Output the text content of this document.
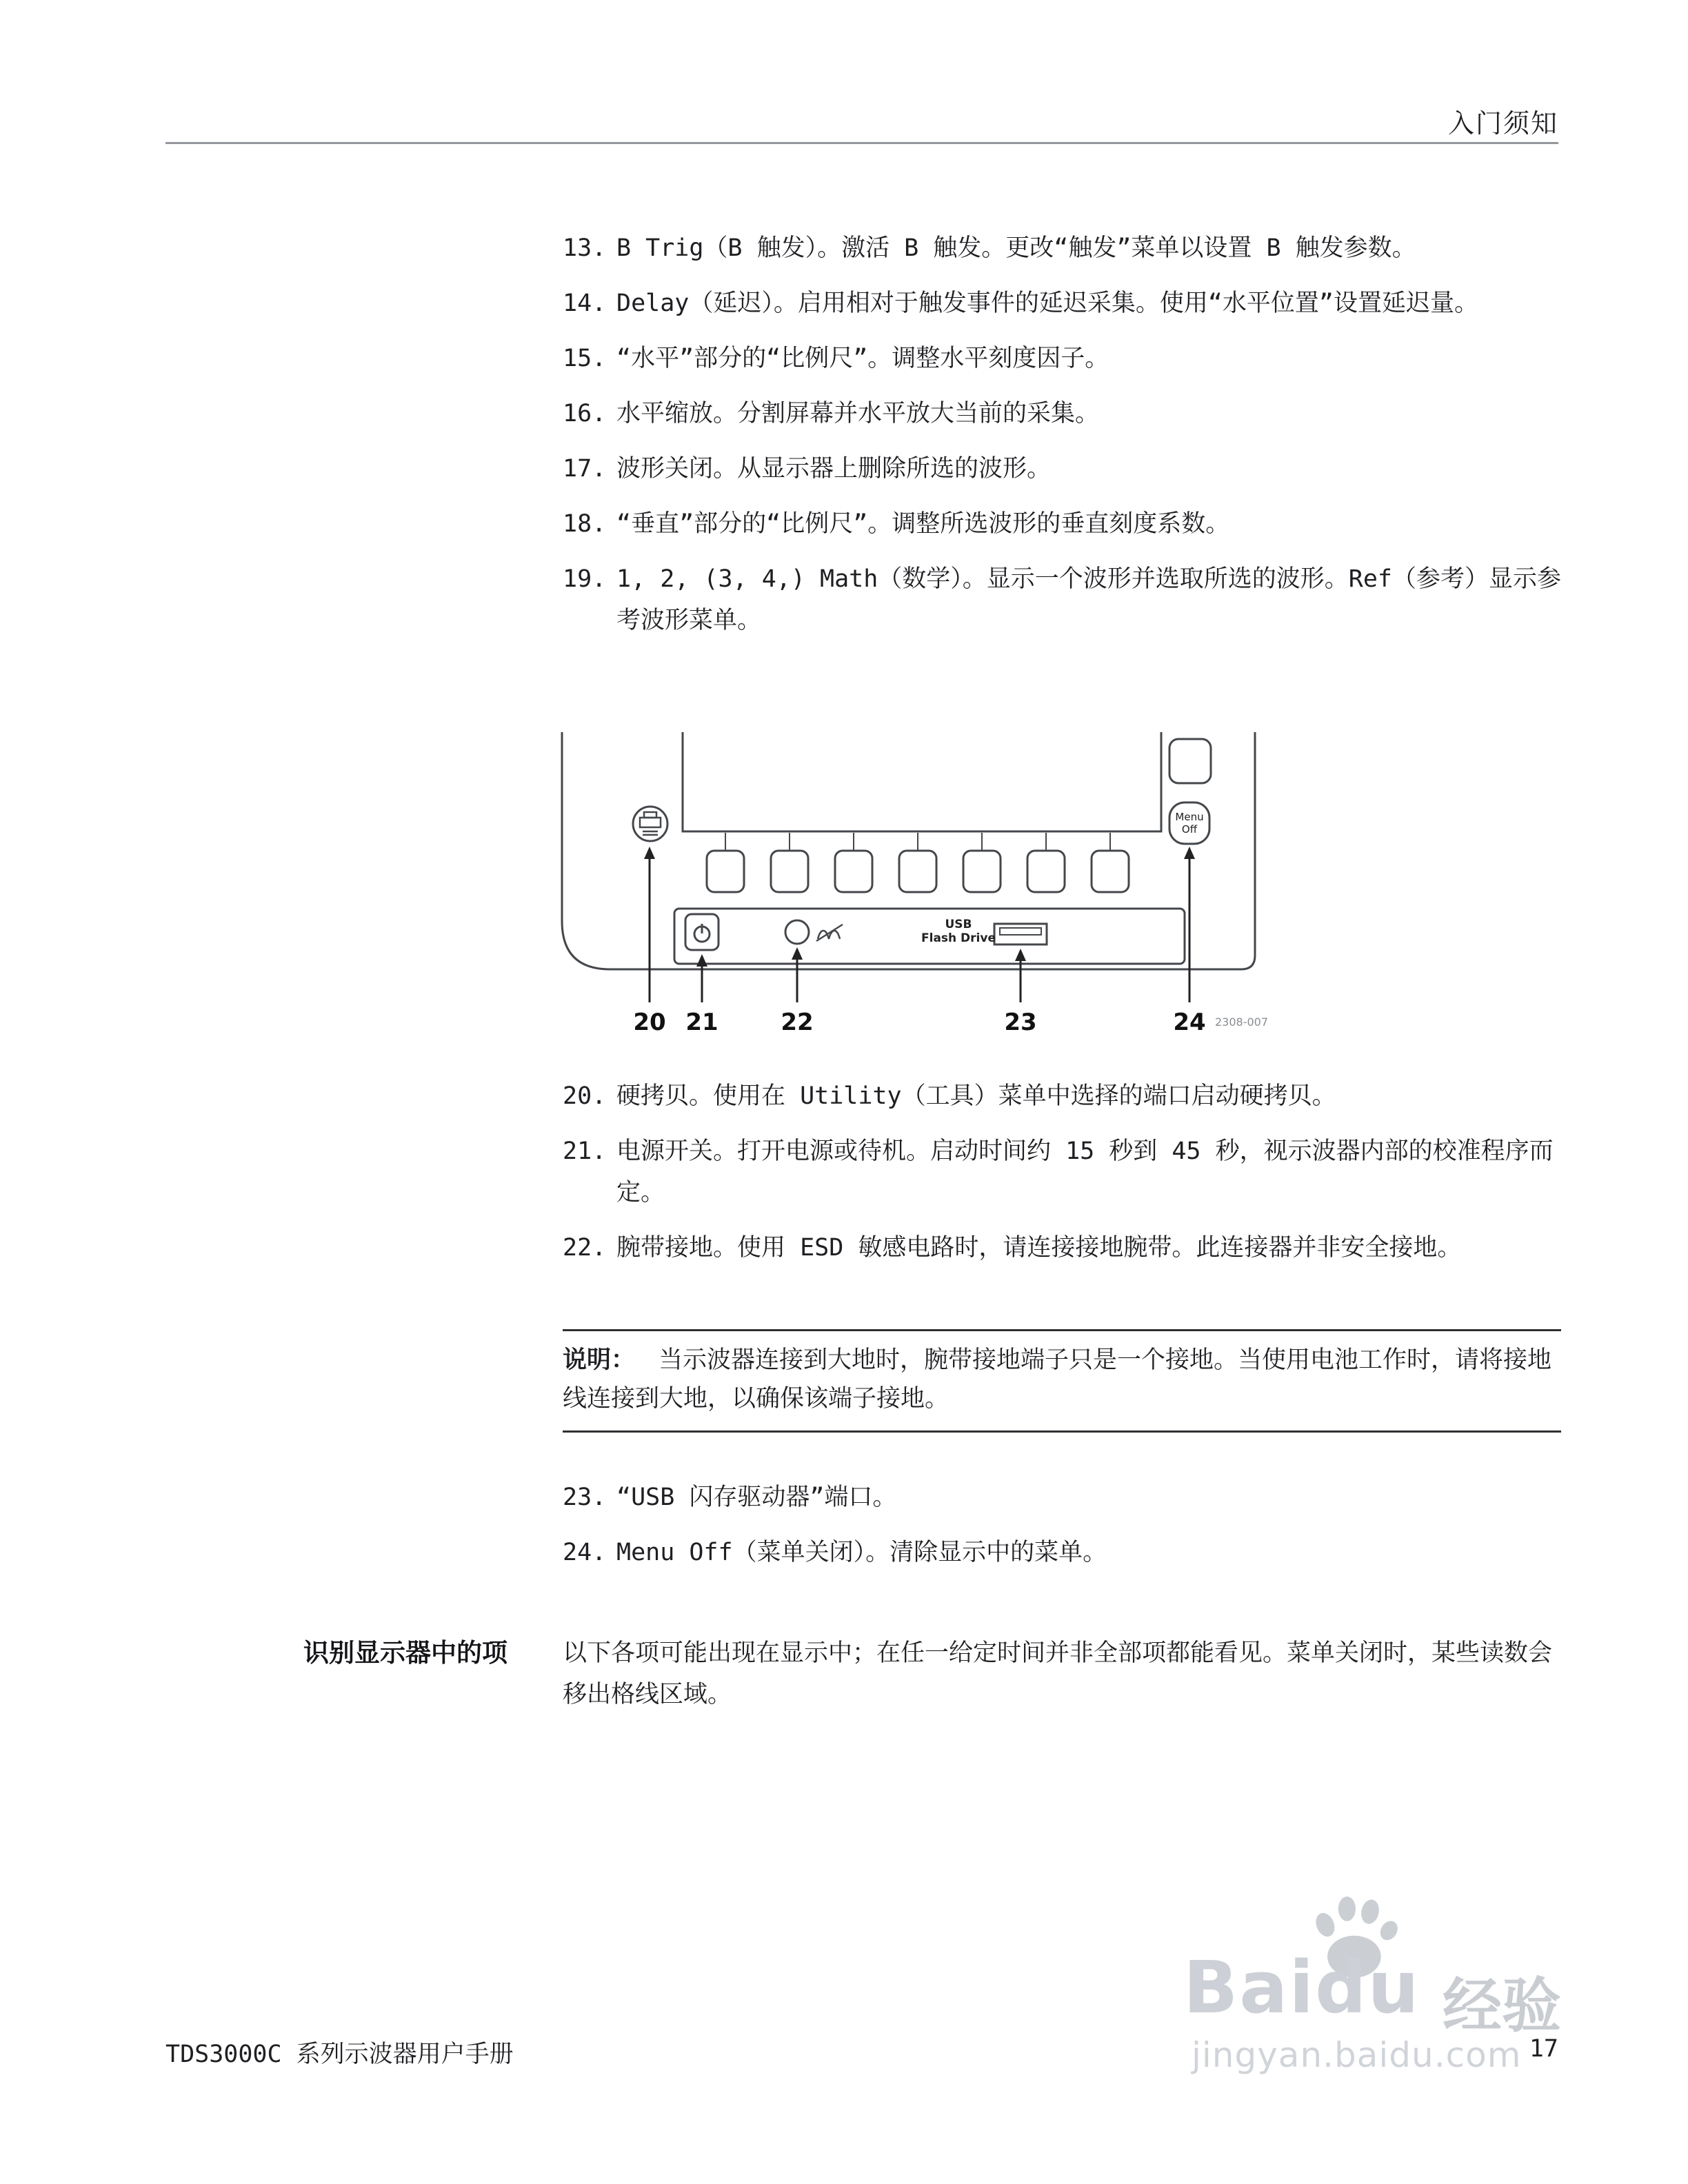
入门须知
13. B Trig（B 触发）。激活 B 触发。更改“触发”菜单以设置 B 触发参数。
14. Delay（延迟）。启用相对于触发事件的延迟采集。使用“水平位置”设置延迟量。
15. “水平”部分的“比例尺”。调整水平刻度因子。
16. 水平缩放。分割屏幕并水平放大当前的采集。
17. 波形关闭。从显示器上删除所选的波形。
18. “垂直”部分的“比例尺”。调整所选波形的垂直刻度系数。
19. 1, 2, (3, 4,) Math（数学）。显示一个波形并选取所选的波形。Ref（参考）显示参考波形菜单。
USB
Flash Drive
Menu
Off
20 21	22	23	24 2308-007
20. 硬拷贝。使用在 Utility（工具）菜单中选择的端口启动硬拷贝。
21. 电源开关。打开电源或待机。启动时间约 15 秒到 45 秒，视示波器内部的校准程序而定。
22. 腕带接地。使用 ESD 敏感电路时，请连接接地腕带。此连接器并非安全接地。
说明： 当示波器连接到大地时，腕带接地端子只是一个接地。当使用电池工作时，请将接地线连接到大地，以确保该端子接地。
23. “USB 闪存驱动器”端口。
24. Menu Off（菜单关闭）。清除显示中的菜单。
识别显示器中的项	以下各项可能出现在显示中；在任一给定时间并非全部项都能看见。菜单关闭时，某些读数会移出格线区域。
TDS3000C 系列示波器用户手册	17
Baidu 经验
jingyan.baidu.com
